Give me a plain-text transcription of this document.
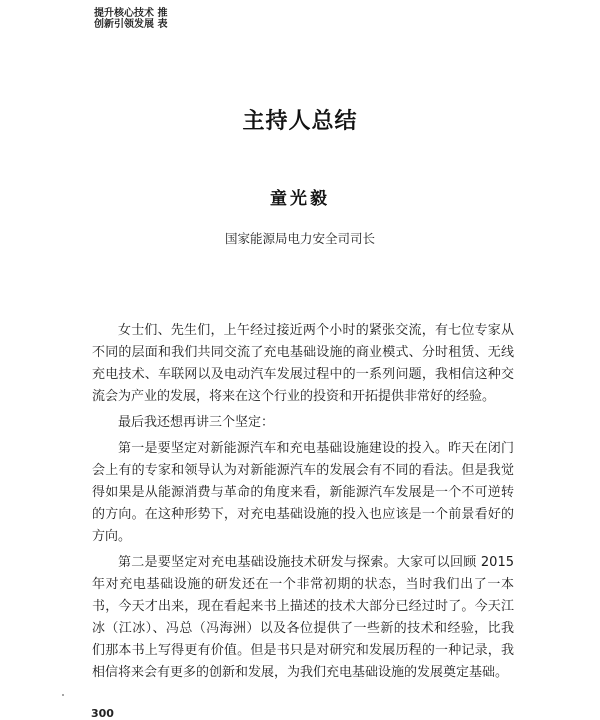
提升核心技术 推
创新引领发展 表
主持人总结
童光毅
国家能源局电力安全司司长

女士们、先生们，上午经过接近两个小时的紧张交流，有七位专家从不同的层面和我们共同交流了充电基础设施的商业模式、分时租赁、无线充电技术、车联网以及电动汽车发展过程中的一系列问题，我相信这种交流会为产业的发展，将来在这个行业的投资和开拓提供非常好的经验。

最后我还想再讲三个坚定：

第一是要坚定对新能源汽车和充电基础设施建设的投入。昨天在闭门会上有的专家和领导认为对新能源汽车的发展会有不同的看法。但是我觉得如果是从能源消费与革命的角度来看，新能源汽车发展是一个不可逆转的方向。在这种形势下，对充电基础设施的投入也应该是一个前景看好的方向。

第二是要坚定对充电基础设施技术研发与探索。大家可以回顾 2015 年对充电基础设施的研发还在一个非常初期的状态，当时我们出了一本书，今天才出来，现在看起来书上描述的技术大部分已经过时了。今天江冰（江冰）、冯总（冯海洲）以及各位提供了一些新的技术和经验，比我们那本书上写得更有价值。但是书只是对研究和发展历程的一种记录，我相信将来会有更多的创新和发展，为我们充电基础设施的发展奠定基础。

300
